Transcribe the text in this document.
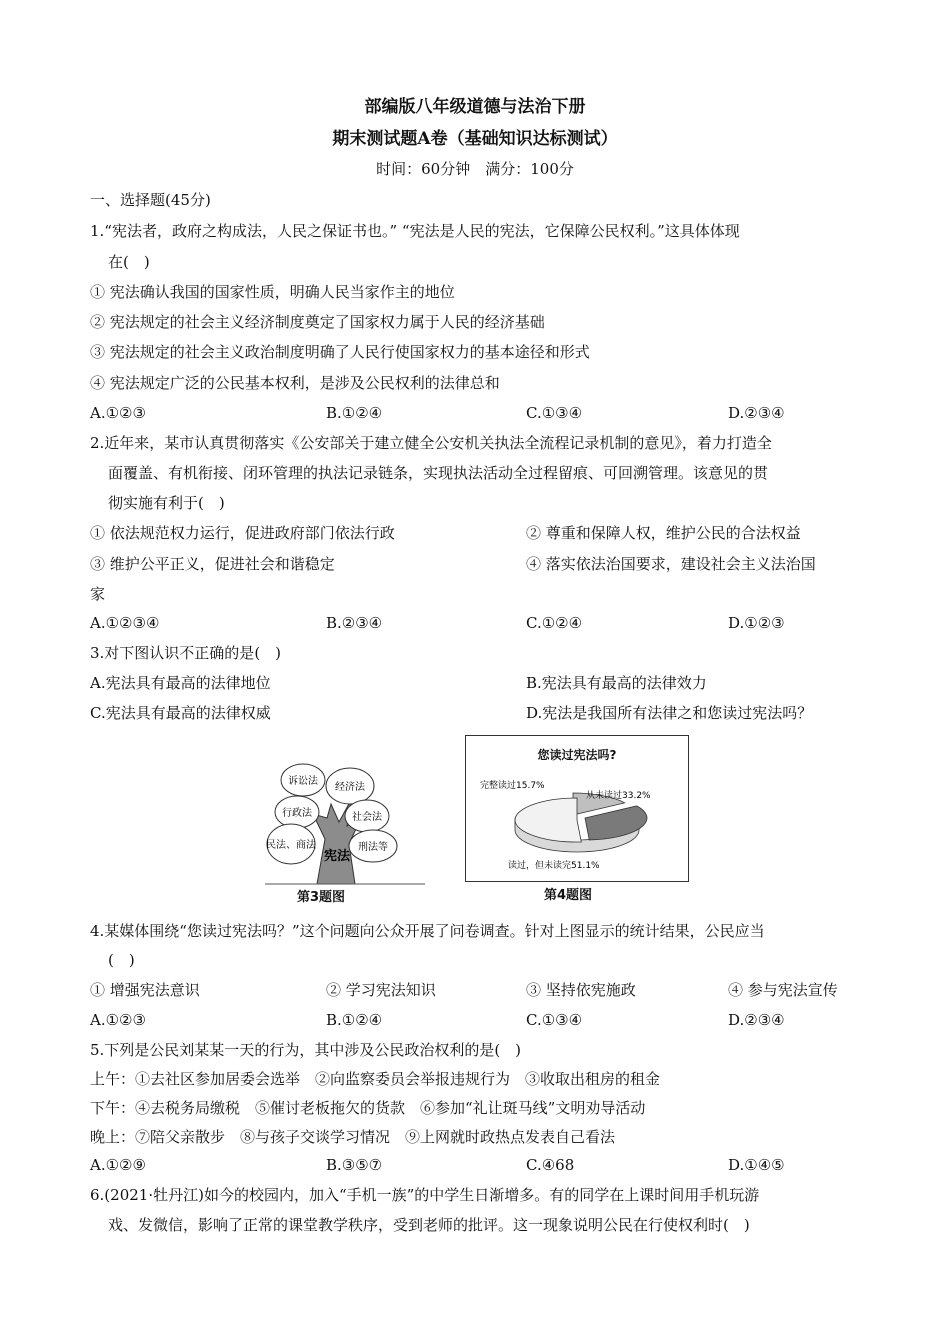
部编版八年级道德与法治下册
期末测试题A卷（基础知识达标测试）
时间：60分钟　满分：100分
一、选择题(45分)
1.“宪法者，政府之构成法，人民之保证书也。” “宪法是人民的宪法，它保障公民权利。”这具体体现
在(　)
① 宪法确认我国的国家性质，明确人民当家作主的地位
② 宪法规定的社会主义经济制度奠定了国家权力属于人民的经济基础
③ 宪法规定的社会主义政治制度明确了人民行使国家权力的基本途径和形式
④ 宪法规定广泛的公民基本权利，是涉及公民权利的法律总和
A.①②③	B.①②④	C.①③④	D.②③④
2.近年来，某市认真贯彻落实《公安部关于建立健全公安机关执法全流程记录机制的意见》，着力打造全
面覆盖、有机衔接、闭环管理的执法记录链条，实现执法活动全过程留痕、可回溯管理。该意见的贯
彻实施有利于(　)
① 依法规范权力运行，促进政府部门依法行政	② 尊重和保障人权，维护公民的合法权益
③ 维护公平正义，促进社会和谐稳定	④ 落实依法治国要求，建设社会主义法治国
家
A.①②③④	B.②③④	C.①②④	D.①②③
3.对下图认识不正确的是(　)
A.宪法具有最高的法律地位	B.宪法具有最高的法律效力
C.宪法具有最高的法律权威	D.宪法是我国所有法律之和您读过宪法吗？
诉讼法
经济法
行政法	社会法
民法、商法	刑法等
宪法
第3题图
您读过宪法吗?
完整读过15.7%
从未读过33.2%
读过，但未读完51.1%
第4题图
4.某媒体围绕“您读过宪法吗？”这个问题向公众开展了问卷调查。针对上图显示的统计结果，公民应当
(　)
① 增强宪法意识	② 学习宪法知识	③ 坚持依宪施政	④ 参与宪法宣传
A.①②③	B.①②④	C.①③④	D.②③④
5.下列是公民刘某某一天的行为，其中涉及公民政治权利的是(　)
上午：①去社区参加居委会选举　②向监察委员会举报违规行为　③收取出租房的租金
下午：④去税务局缴税　⑤催讨老板拖欠的货款　⑥参加“礼让斑马线”文明劝导活动
晚上：⑦陪父亲散步　⑧与孩子交谈学习情况　⑨上网就时政热点发表自己看法
A.①②⑨	B.③⑤⑦	C.④68	D.①④⑤
6.(2021·牡丹江)如今的校园内，加入“手机一族”的中学生日渐增多。有的同学在上课时间用手机玩游
戏、发微信，影响了正常的课堂教学秩序，受到老师的批评。这一现象说明公民在行使权利时(　)
